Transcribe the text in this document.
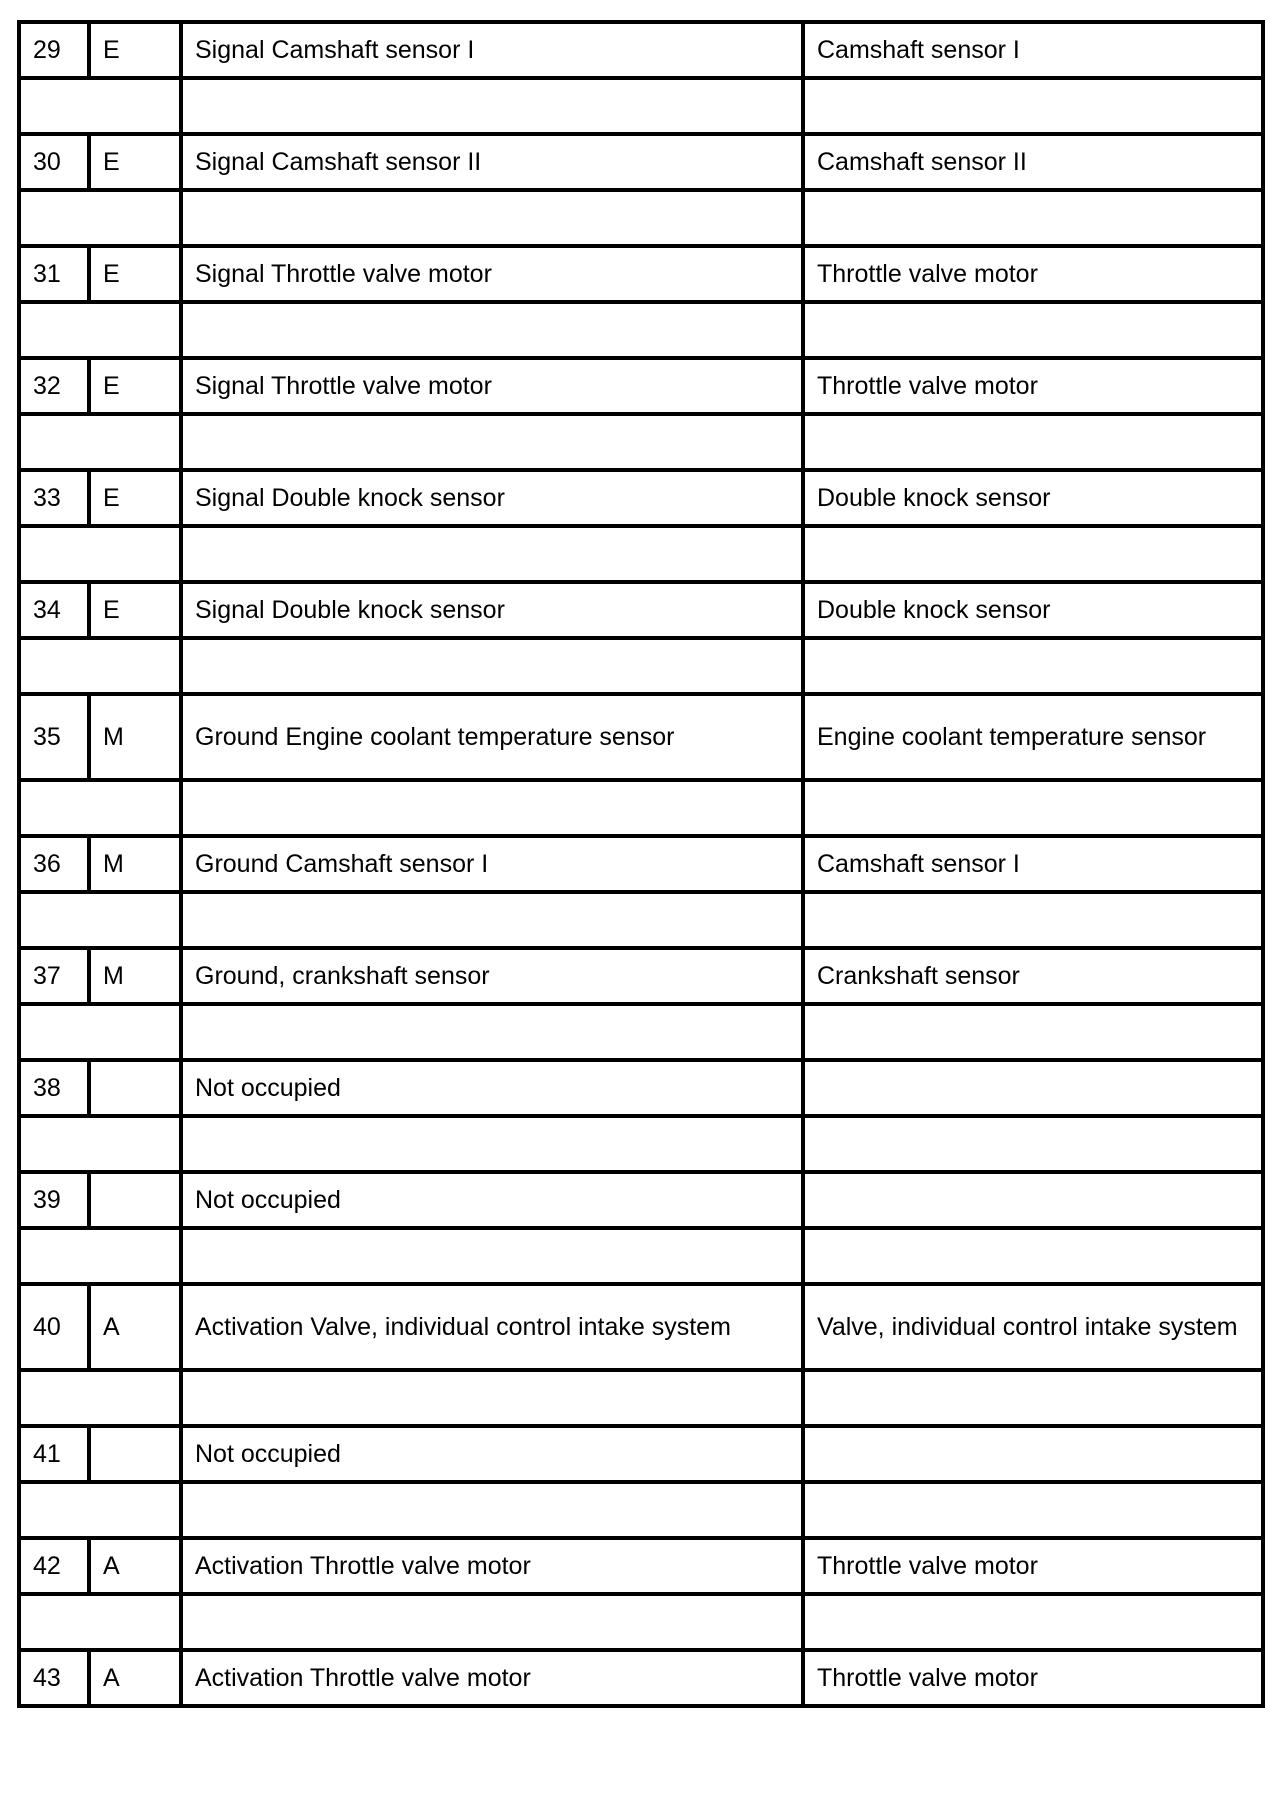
29	E	Signal Camshaft sensor I	Camshaft sensor I

30	E	Signal Camshaft sensor II	Camshaft sensor II

31	E	Signal Throttle valve motor	Throttle valve motor

32	E	Signal Throttle valve motor	Throttle valve motor

33	E	Signal Double knock sensor	Double knock sensor

34	E	Signal Double knock sensor	Double knock sensor

35	M	Ground Engine coolant temperature sensor	Engine coolant temperature sensor

36	M	Ground Camshaft sensor I	Camshaft sensor I

37	M	Ground, crankshaft sensor	Crankshaft sensor

38		Not occupied	

39		Not occupied	

40	A	Activation Valve, individual control intake system	Valve, individual control intake system

41		Not occupied	

42	A	Activation Throttle valve motor	Throttle valve motor

43	A	Activation Throttle valve motor	Throttle valve motor
